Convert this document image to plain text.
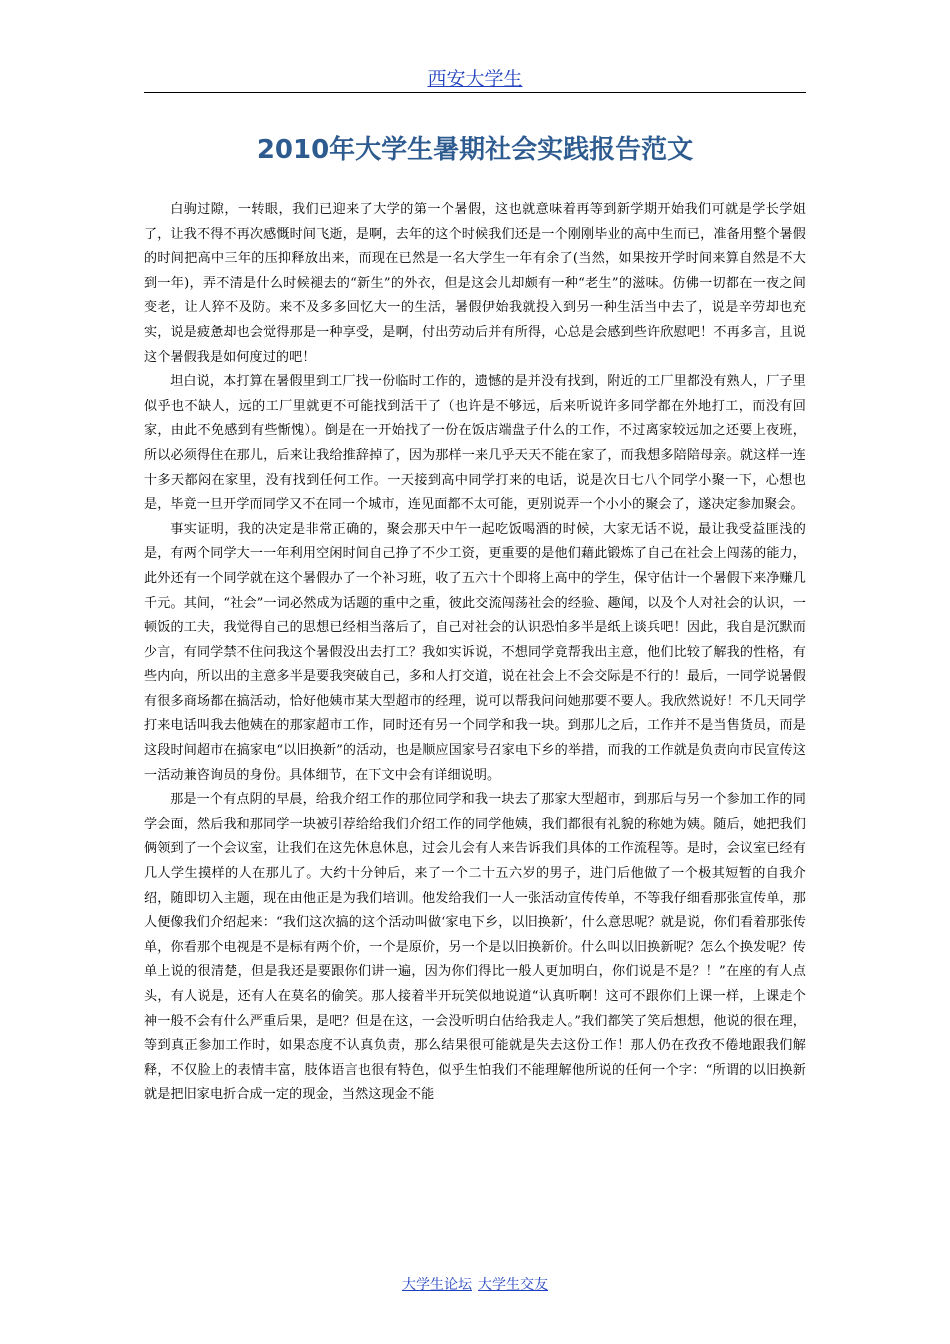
西安大学生
2010年大学生暑期社会实践报告范文

白驹过隙，一转眼，我们已迎来了大学的第一个暑假，这也就意味着再等到新学期开始我们可就是学长学姐了，让我不得不再次感慨时间飞逝，是啊，去年的这个时候我们还是一个刚刚毕业的高中生而已，准备用整个暑假的时间把高中三年的压抑释放出来，而现在已然是一名大学生一年有余了(当然，如果按开学时间来算自然是不大到一年)，弄不清是什么时候褪去的“新生”的外衣，但是这会儿却颇有一种“老生”的滋味。仿佛一切都在一夜之间变老，让人猝不及防。来不及多多回忆大一的生活，暑假伊始我就投入到另一种生活当中去了，说是辛劳却也充实，说是疲惫却也会觉得那是一种享受，是啊，付出劳动后并有所得，心总是会感到些许欣慰吧！不再多言，且说这个暑假我是如何度过的吧！

坦白说，本打算在暑假里到工厂找一份临时工作的，遗憾的是并没有找到，附近的工厂里都没有熟人，厂子里似乎也不缺人，远的工厂里就更不可能找到活干了（也许是不够远，后来听说许多同学都在外地打工，而没有回家，由此不免感到有些惭愧）。倒是在一开始找了一份在饭店端盘子什么的工作，不过离家较远加之还要上夜班，所以必须得住在那儿，后来让我给推辞掉了，因为那样一来几乎天天不能在家了，而我想多陪陪母亲。就这样一连十多天都闷在家里，没有找到任何工作。一天接到高中同学打来的电话，说是次日七八个同学小聚一下，心想也是，毕竟一旦开学而同学又不在同一个城市，连见面都不太可能，更别说弄一个小小的聚会了，遂决定参加聚会。

事实证明，我的决定是非常正确的，聚会那天中午一起吃饭喝酒的时候，大家无话不说，最让我受益匪浅的是，有两个同学大一一年利用空闲时间自己挣了不少工资，更重要的是他们藉此锻炼了自己在社会上闯荡的能力，此外还有一个同学就在这个暑假办了一个补习班，收了五六十个即将上高中的学生，保守估计一个暑假下来净赚几千元。其间，“社会”一词必然成为话题的重中之重，彼此交流闯荡社会的经验、趣闻，以及个人对社会的认识，一顿饭的工夫，我觉得自己的思想已经相当落后了，自己对社会的认识恐怕多半是纸上谈兵吧！因此，我自是沉默而少言，有同学禁不住问我这个暑假没出去打工？我如实诉说，不想同学竟帮我出主意，他们比较了解我的性格，有些内向，所以出的主意多半是要我突破自己，多和人打交道，说在社会上不会交际是不行的！最后，一同学说暑假有很多商场都在搞活动，恰好他姨市某大型超市的经理，说可以帮我问问她那要不要人。我欣然说好！不几天同学打来电话叫我去他姨在的那家超市工作，同时还有另一个同学和我一块。到那儿之后，工作并不是当售货员，而是这段时间超市在搞家电“以旧换新”的活动，也是顺应国家号召家电下乡的举措，而我的工作就是负责向市民宣传这一活动兼咨询员的身份。具体细节，在下文中会有详细说明。

那是一个有点阴的早晨，给我介绍工作的那位同学和我一块去了那家大型超市，到那后与另一个参加工作的同学会面，然后我和那同学一块被引荐给给我们介绍工作的同学他姨，我们都很有礼貌的称她为姨。随后，她把我们俩领到了一个会议室，让我们在这先休息休息，过会儿会有人来告诉我们具体的工作流程等。是时，会议室已经有几人学生摸样的人在那儿了。大约十分钟后，来了一个二十五六岁的男子，进门后他做了一个极其短暂的自我介绍，随即切入主题，现在由他正是为我们培训。他发给我们一人一张活动宣传传单，不等我仔细看那张宣传单，那人便像我们介绍起来：“我们这次搞的这个活动叫做‘家电下乡，以旧换新’，什么意思呢？就是说，你们看着那张传单，你看那个电视是不是标有两个价，一个是原价，另一个是以旧换新价。什么叫以旧换新呢？怎么个换发呢？传单上说的很清楚，但是我还是要跟你们讲一遍，因为你们得比一般人更加明白，你们说是不是？！”在座的有人点头，有人说是，还有人在莫名的偷笑。那人接着半开玩笑似地说道“认真听啊！这可不跟你们上课一样，上课走个神一般不会有什么严重后果，是吧？但是在这，一会没听明白估给我走人。”我们都笑了笑后想想，他说的很在理，等到真正参加工作时，如果态度不认真负责，那么结果很可能就是失去这份工作！那人仍在孜孜不倦地跟我们解释，不仅脸上的表情丰富，肢体语言也很有特色，似乎生怕我们不能理解他所说的任何一个字：“所谓的以旧换新就是把旧家电折合成一定的现金，当然这现金不能

大学生论坛 大学生交友
